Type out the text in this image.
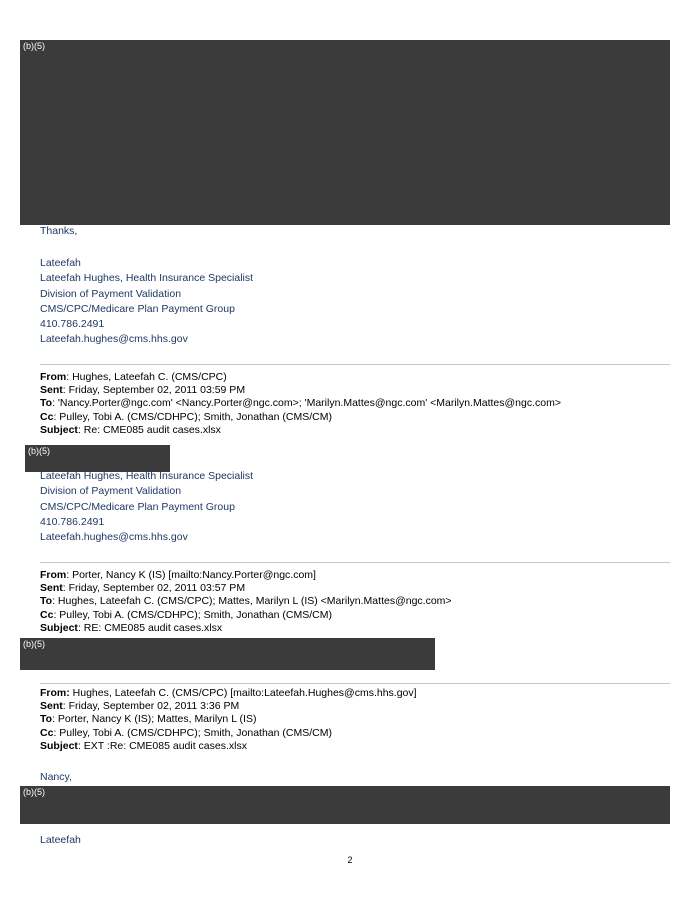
(b)(5)
Thanks,
Lateefah
Lateefah Hughes, Health Insurance Specialist
Division of Payment Validation
CMS/CPC/Medicare Plan Payment Group
410.786.2491
Lateefah.hughes@cms.hhs.gov
From: Hughes, Lateefah C. (CMS/CPC)
Sent: Friday, September 02, 2011 03:59 PM
To: 'Nancy.Porter@ngc.com' <Nancy.Porter@ngc.com>; 'Marilyn.Mattes@ngc.com' <Marilyn.Mattes@ngc.com>
Cc: Pulley, Tobi A. (CMS/CDHPC); Smith, Jonathan (CMS/CM)
Subject: Re: CME085 audit cases.xlsx
(b)(5)
Lateefah Hughes, Health Insurance Specialist
Division of Payment Validation
CMS/CPC/Medicare Plan Payment Group
410.786.2491
Lateefah.hughes@cms.hhs.gov
From: Porter, Nancy K (IS) [mailto:Nancy.Porter@ngc.com]
Sent: Friday, September 02, 2011 03:57 PM
To: Hughes, Lateefah C. (CMS/CPC); Mattes, Marilyn L (IS) <Marilyn.Mattes@ngc.com>
Cc: Pulley, Tobi A. (CMS/CDHPC); Smith, Jonathan (CMS/CM)
Subject: RE: CME085 audit cases.xlsx
(b)(5)
From: Hughes, Lateefah C. (CMS/CPC) [mailto:Lateefah.Hughes@cms.hhs.gov]
Sent: Friday, September 02, 2011 3:36 PM
To: Porter, Nancy K (IS); Mattes, Marilyn L (IS)
Cc: Pulley, Tobi A. (CMS/CDHPC); Smith, Jonathan (CMS/CM)
Subject: EXT :Re: CME085 audit cases.xlsx
Nancy,
(b)(5)
Lateefah
2
